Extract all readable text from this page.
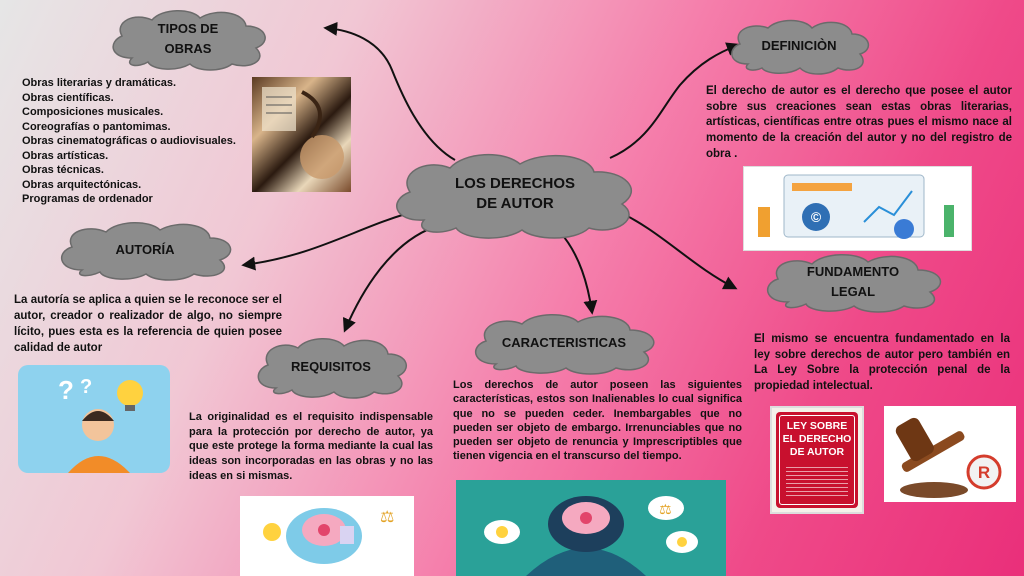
LOS DERECHOS
DE AUTOR
TIPOS DE
OBRAS	DEFINICIÒN
AUTORÍA
FUNDAMENTO
LEGAL
REQUISITOS
CARACTERISTICAS
Obras literarias y dramáticas.
Obras científicas.
Composiciones musicales.
Coreografías o pantomimas.
Obras cinematográficas o audiovisuales.
Obras artísticas.
Obras técnicas.
Obras arquitectónicas.
Programas de ordenador

El derecho de autor es el derecho que posee el autor sobre sus creaciones sean estas obras literarias, artísticas, científicas entre otras pues el mismo nace al momento de la creación del autor y no del registro de obra .

La autoría se aplica a quien se le reconoce ser el autor, creador o realizador de algo, no siempre lícito, pues esta es la referencia de quien posee calidad de autor

El mismo se encuentra fundamentado en la ley sobre derechos de autor pero también en La Ley Sobre la protección penal de la propiedad intelectual.

La originalidad es el requisito indispensable para la protección por derecho de autor, ya que este protege la forma mediante la cual las ideas son incorporadas en las obras y no las ideas en si mismas.

Los derechos de autor poseen las siguientes características, estos son Inalienables lo cual significa que no se pueden ceder. Inembargables que no pueden ser objeto de embargo. Irrenunciables que no pueden ser objeto de renuncia y Imprescriptibles que tienen vigencia en el transcurso del tiempo.

©
? ?
⚖	⚖
LEY SOBRE
EL DERECHO
DE AUTOR
R
